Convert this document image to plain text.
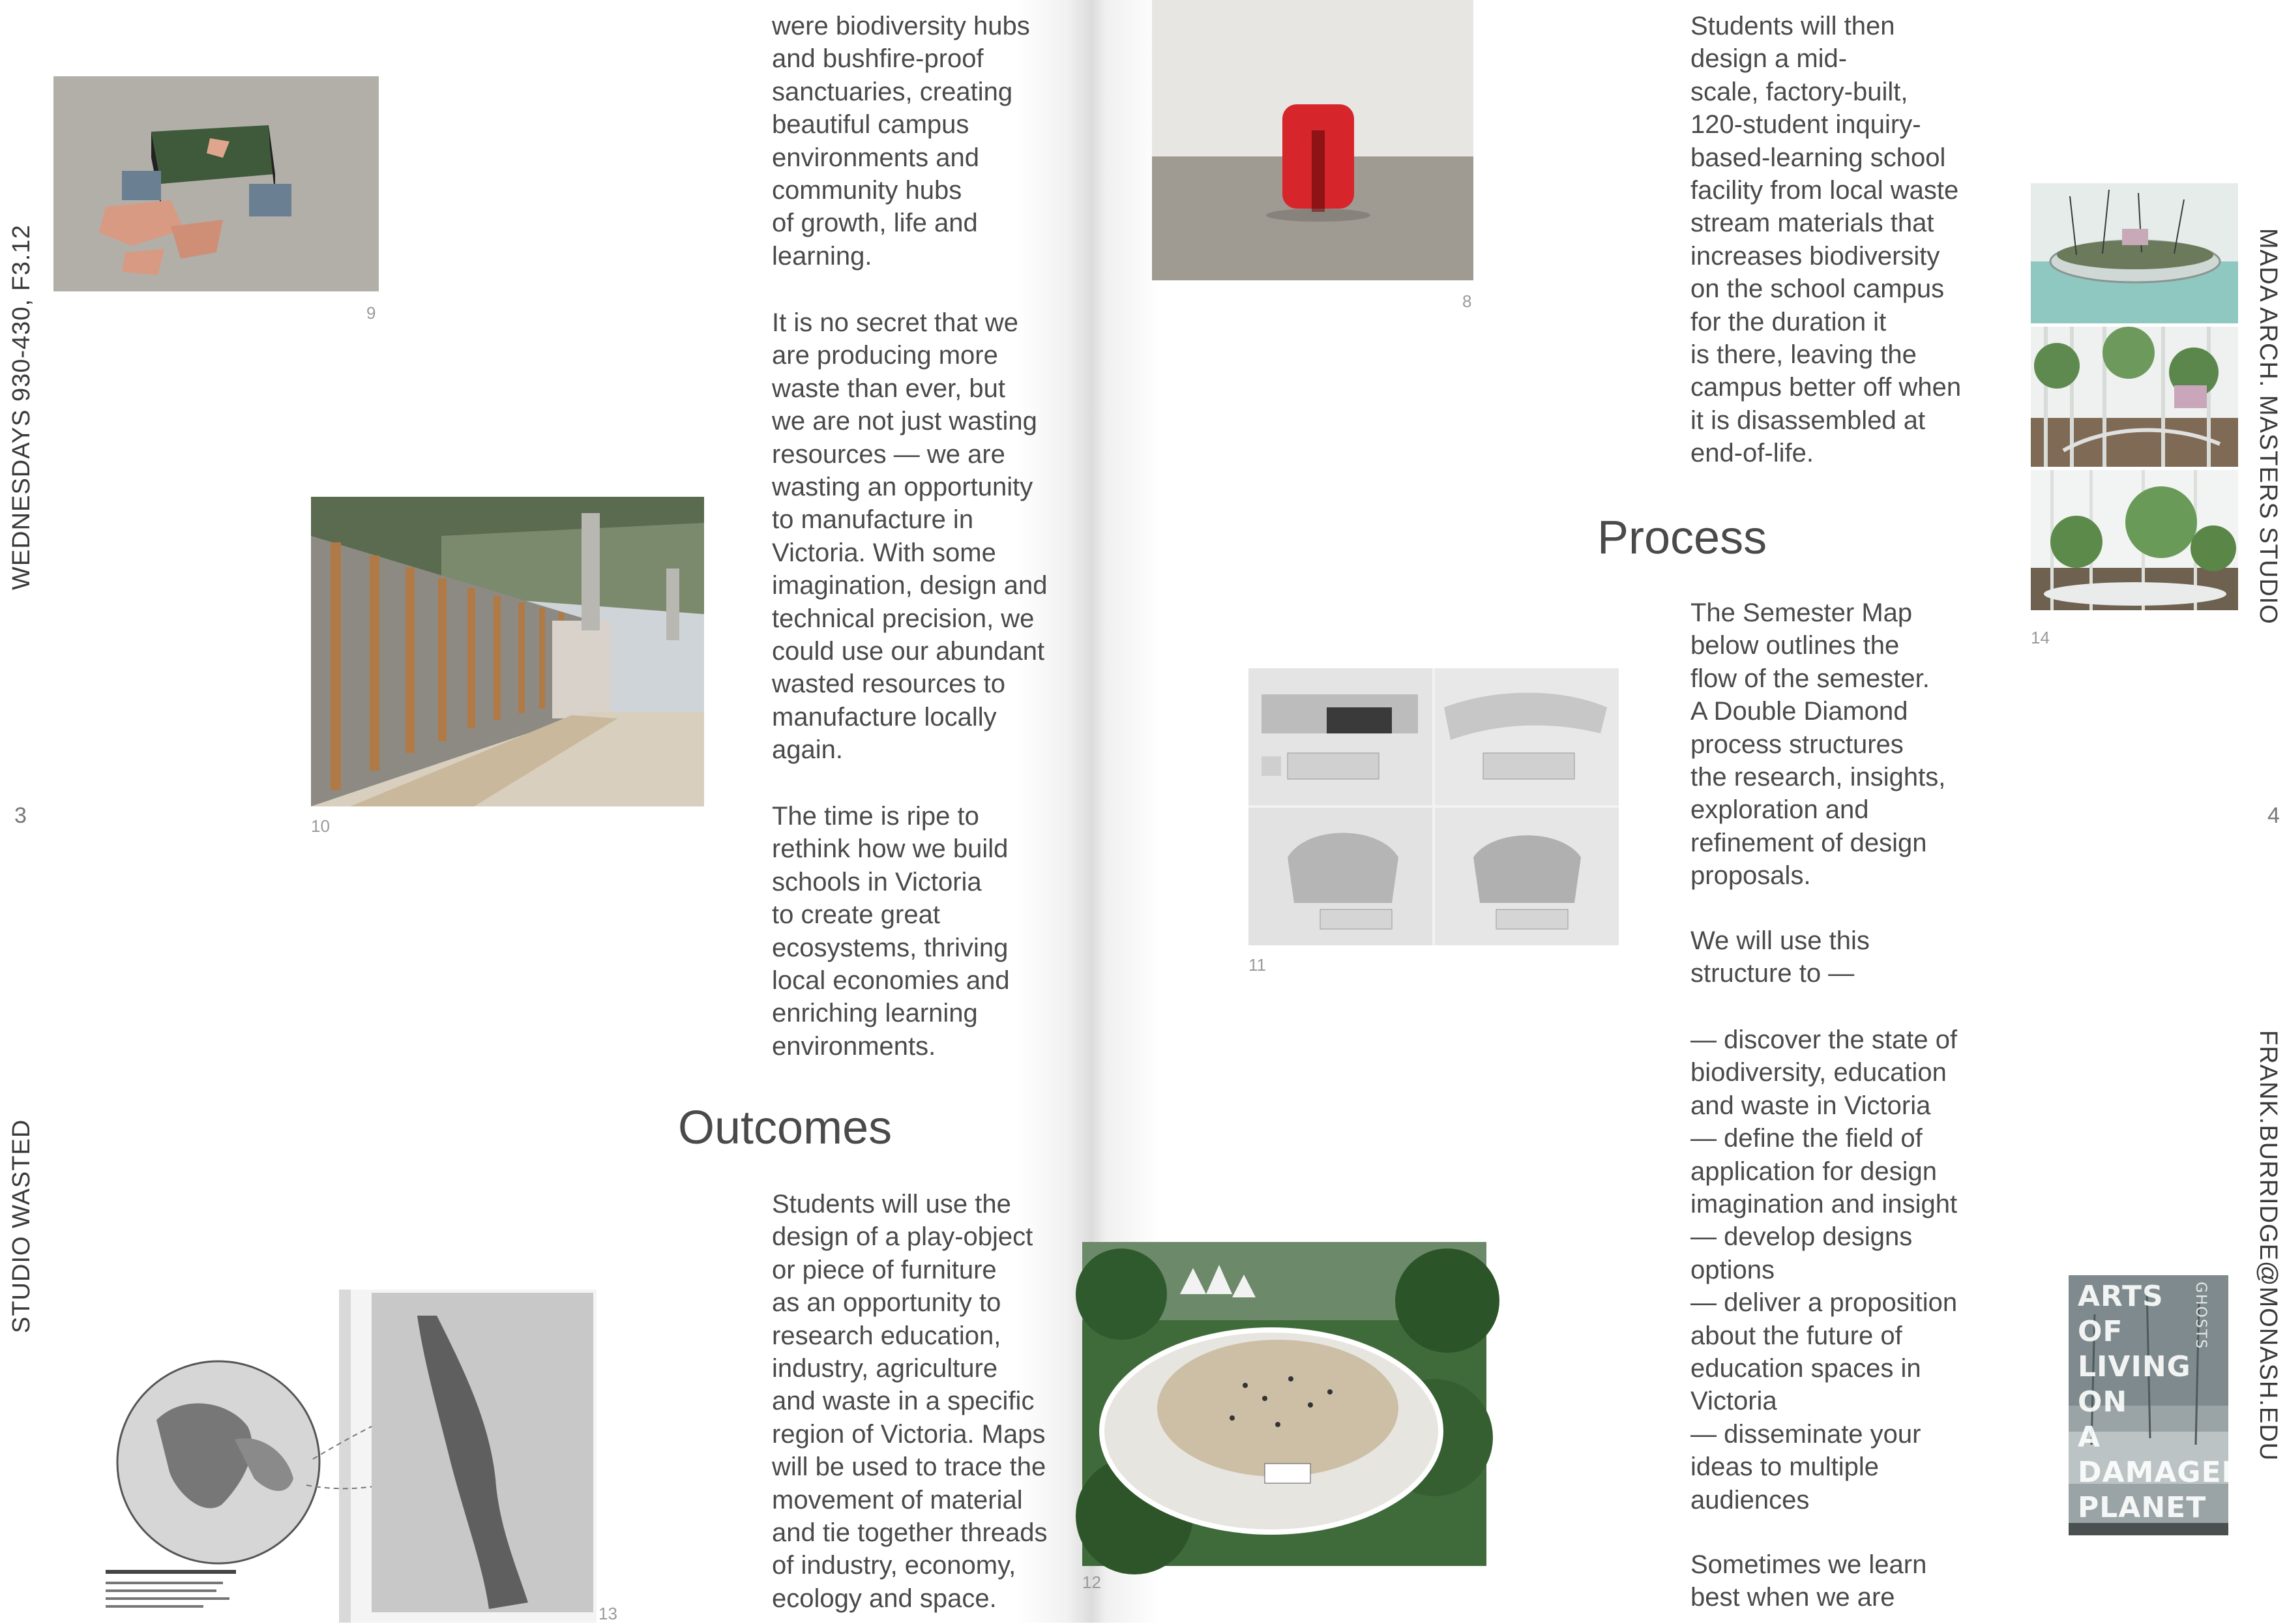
WEDNESDAYS 930-430, F3.12
STUDIO WASTED
MADA ARCH. MASTERS STUDIO
FRANK.BURRIDGE@MONASH.EDU
3	4

were biodiversity hubs
and bushfire-proof
sanctuaries, creating
beautiful campus
environments and
community hubs
of growth, life and
learning.

It is no secret that we
are producing more
waste than ever, but
we are not just wasting
resources — we are
wasting an opportunity
to manufacture in
Victoria. With some
imagination, design and
technical precision, we
could use our abundant
wasted resources to
manufacture locally
again.

The time is ripe to
rethink how we build
schools in Victoria
to create great
ecosystems, thriving
local economies and
enriching learning
environments.

Outcomes

Students will use the
design of a play-object
or piece of furniture
as an opportunity to
research education,
industry, agriculture
and waste in a specific
region of Victoria. Maps
will be used to trace the
movement of material
and tie together threads
of industry, economy,
ecology and space.

Students will then
design a mid-
scale, factory-built,
120-student inquiry-
based-learning school
facility from local waste
stream materials that
increases biodiversity
on the school campus
for the duration it
is there, leaving the
campus better off when
it is disassembled at
end-of-life.

Process

The Semester Map
below outlines the
flow of the semester.
A Double Diamond
process structures
the research, insights,
exploration and
refinement of design
proposals.

We will use this
structure to —

— discover the state of
biodiversity, education
and waste in Victoria
— define the field of
application for design
imagination and insight
— develop designs
options
— deliver a proposition
about the future of
education spaces in
Victoria
— disseminate your
ideas to multiple
audiences

Sometimes we learn
best when we are

9
10
13
8
11
12
14
ARTS
OF
LIVING
ON
A
DAMAGED
PLANET
GHOSTS
